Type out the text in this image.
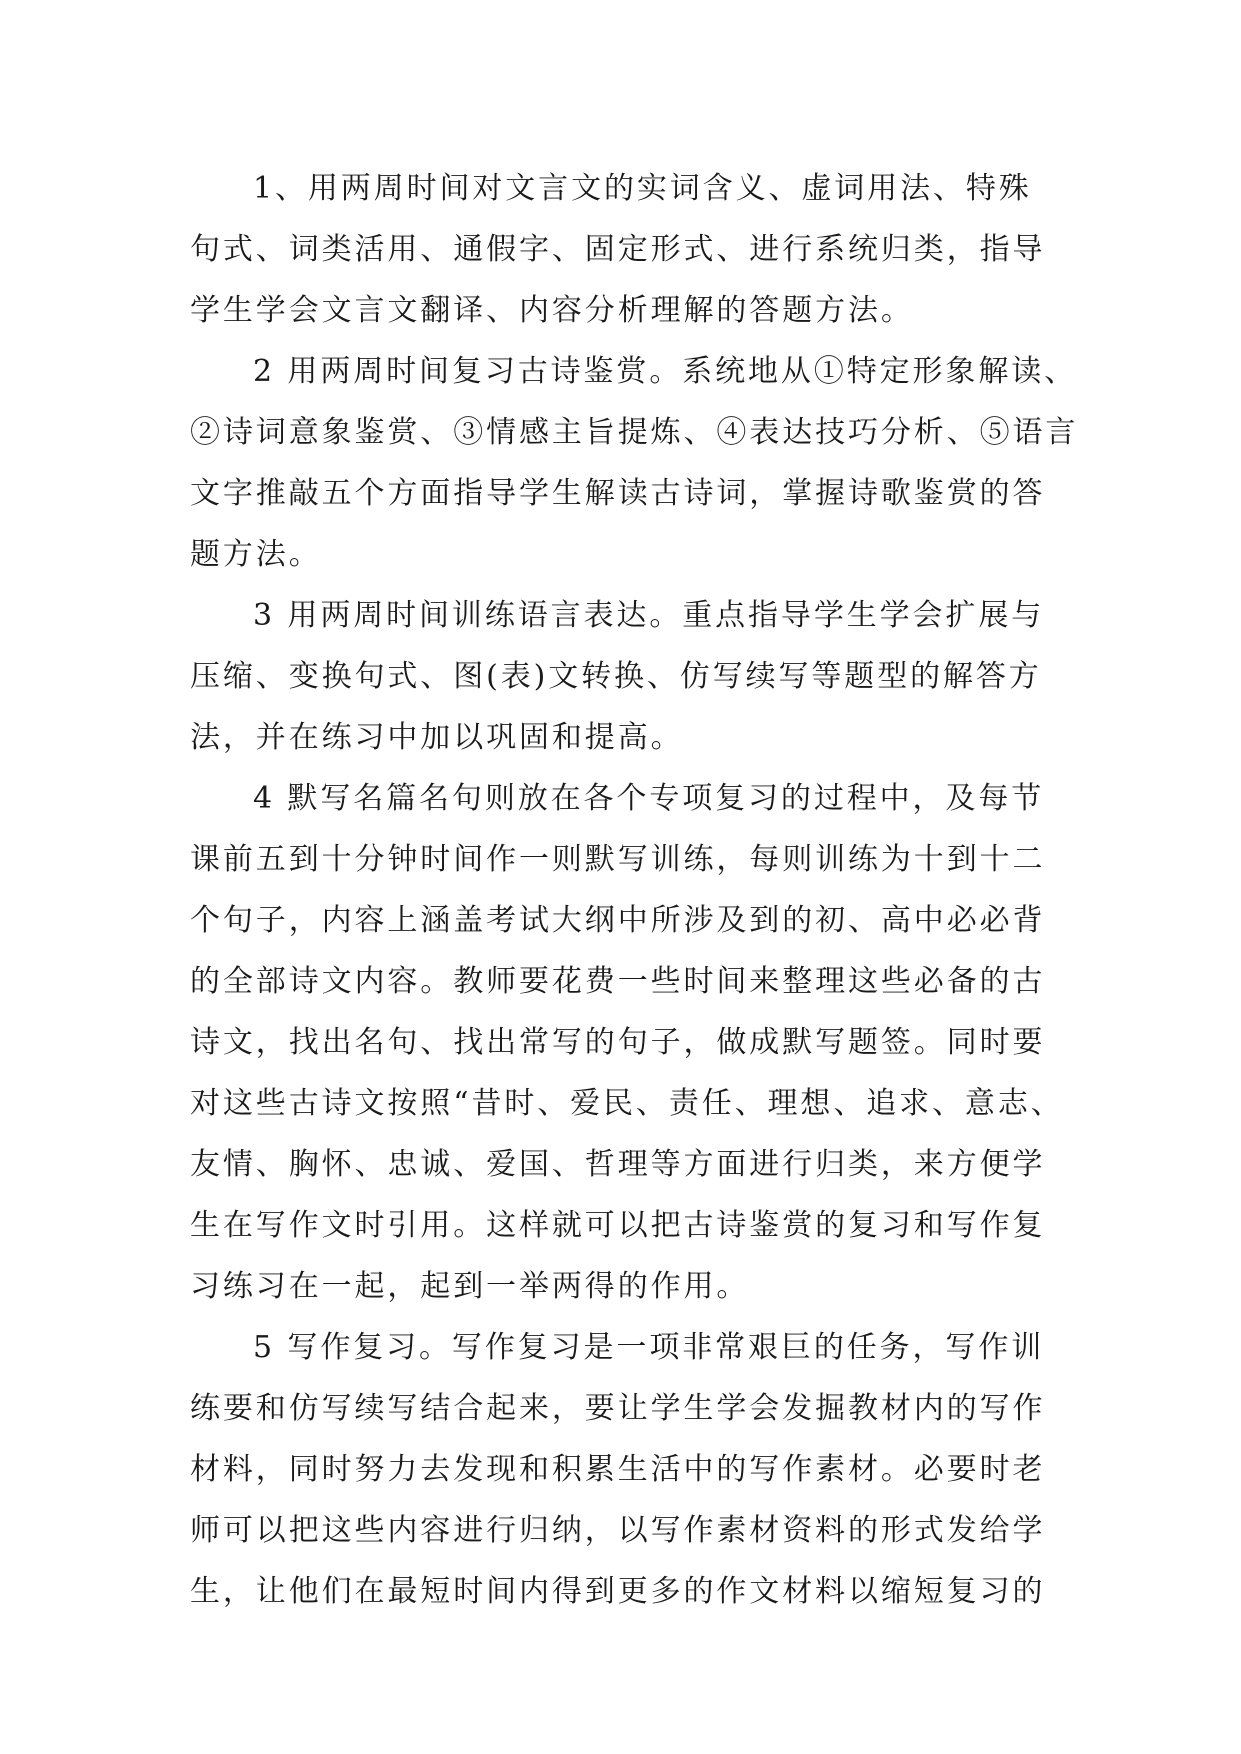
1、用两周时间对文言文的实词含义、虚词用法、特殊
句式、词类活用、通假字、固定形式、进行系统归类，指导
学生学会文言文翻译、内容分析理解的答题方法。
2 用两周时间复习古诗鉴赏。系统地从①特定形象解读、
②诗词意象鉴赏、③情感主旨提炼、④表达技巧分析、⑤语言
文字推敲五个方面指导学生解读古诗词，掌握诗歌鉴赏的答
题方法。
3 用两周时间训练语言表达。重点指导学生学会扩展与
压缩、变换句式、图(表)文转换、仿写续写等题型的解答方
法，并在练习中加以巩固和提高。
4 默写名篇名句则放在各个专项复习的过程中，及每节
课前五到十分钟时间作一则默写训练，每则训练为十到十二
个句子，内容上涵盖考试大纲中所涉及到的初、高中必必背
的全部诗文内容。教师要花费一些时间来整理这些必备的古
诗文，找出名句、找出常写的句子，做成默写题签。同时要
对这些古诗文按照“昔时、爱民、责任、理想、追求、意志、
友情、胸怀、忠诚、爱国、哲理等方面进行归类，来方便学
生在写作文时引用。这样就可以把古诗鉴赏的复习和写作复
习练习在一起，起到一举两得的作用。
5 写作复习。写作复习是一项非常艰巨的任务，写作训
练要和仿写续写结合起来，要让学生学会发掘教材内的写作
材料，同时努力去发现和积累生活中的写作素材。必要时老
师可以把这些内容进行归纳，以写作素材资料的形式发给学
生，让他们在最短时间内得到更多的作文材料以缩短复习的
